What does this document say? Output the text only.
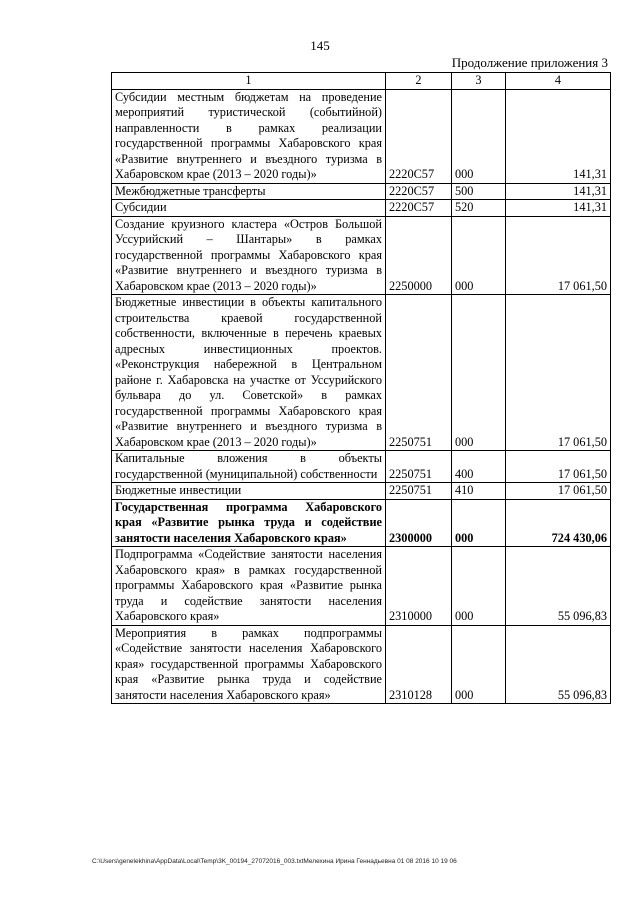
145
Продолжение приложения 3
1	2	3	4
Субсидии местным бюджетам на проведение мероприятий туристической (событийной) направленности в рамках реализации государственной программы Хабаровского края «Развитие внутреннего и въездного туризма в Хабаровском крае (2013 – 2020 годы)»	2220C57	000	141,31
Межбюджетные трансферты	2220C57	500	141,31
Субсидии	2220C57	520	141,31
Создание круизного кластера «Остров Большой Уссурийский – Шантары» в рамках государственной программы Хабаровского края «Развитие внутреннего и въездного туризма в Хабаровском крае (2013 – 2020 годы)»	2250000	000	17 061,50
Бюджетные инвестиции в объекты капитального строительства краевой государственной собственности, включенные в перечень краевых адресных инвестиционных проектов. «Реконструкция набережной в Центральном районе г. Хабаровска на участке от Уссурийского бульвара до ул. Советской» в рамках государственной программы Хабаровского края «Развитие внутреннего и въездного туризма в Хабаровском крае (2013 – 2020 годы)»	2250751	000	17 061,50
Капитальные вложения в объекты государственной (муниципальной) собственности	2250751	400	17 061,50
Бюджетные инвестиции	2250751	410	17 061,50
Государственная программа Хабаровского края «Развитие рынка труда и содействие занятости населения Хабаровского края»	2300000	000	724 430,06
Подпрограмма «Содействие занятости населения Хабаровского края» в рамках государственной программы Хабаровского края «Развитие рынка труда и содействие занятости населения Хабаровского края»	2310000	000	55 096,83
Мероприятия в рамках подпрограммы «Содействие занятости населения Хабаровского края» государственной программы Хабаровского края «Развитие рынка труда и содействие занятости населения Хабаровского края»	2310128	000	55 096,83
C:\Users\genelekhina\AppData\Local\Temp\3K_00194_27072016_003.txtМелехина Ирина Геннадьевна 01 08 2016 10 19 06
